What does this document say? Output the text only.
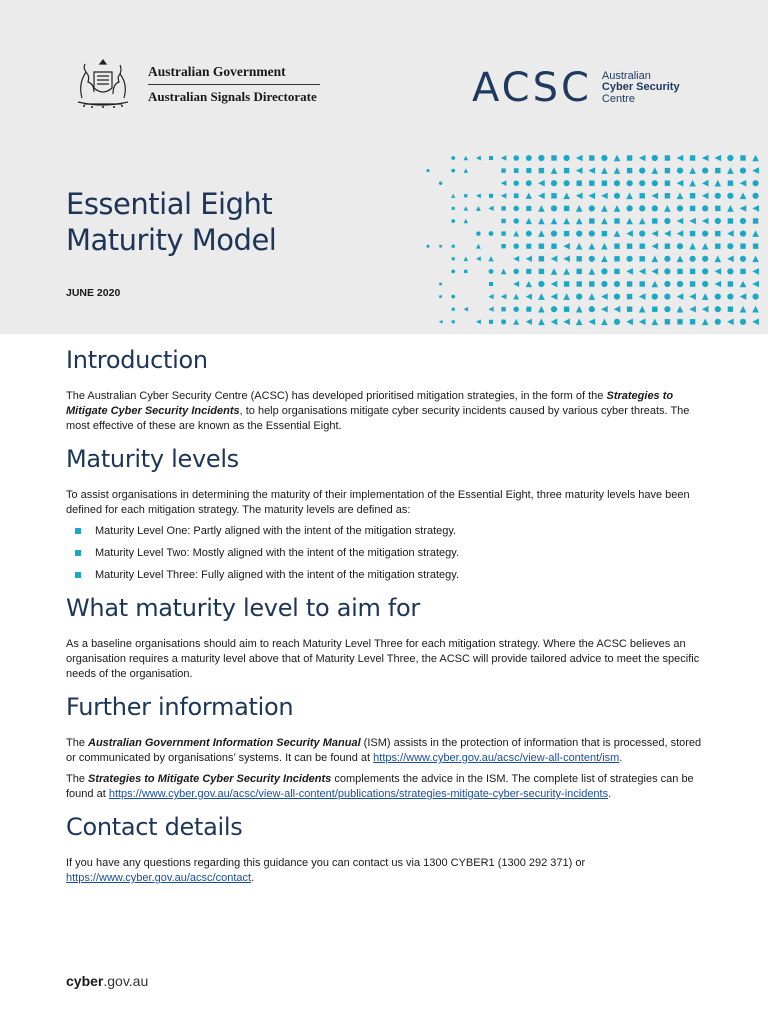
Australian Government
Australian Signals Directorate	ACSC Australian
Cyber Security
Centre
Essential Eight
Maturity Model
JUNE 2020
Introduction

The Australian Cyber Security Centre (ACSC) has developed prioritised mitigation strategies, in the form of the Strategies to Mitigate Cyber Security Incidents, to help organisations mitigate cyber security incidents caused by various cyber threats. The most effective of these are known as the Essential Eight.

Maturity levels

To assist organisations in determining the maturity of their implementation of the Essential Eight, three maturity levels have been defined for each mitigation strategy. The maturity levels are defined as:

Maturity Level One: Partly aligned with the intent of the mitigation strategy.
Maturity Level Two: Mostly aligned with the intent of the mitigation strategy.
Maturity Level Three: Fully aligned with the intent of the mitigation strategy.
What maturity level to aim for

As a baseline organisations should aim to reach Maturity Level Three for each mitigation strategy. Where the ACSC believes an organisation requires a maturity level above that of Maturity Level Three, the ACSC will provide tailored advice to meet the specific needs of the organisation.

Further information

The Australian Government Information Security Manual (ISM) assists in the protection of information that is processed, stored or communicated by organisations’ systems. It can be found at https://www.cyber.gov.au/acsc/view-all-content/ism.

The Strategies to Mitigate Cyber Security Incidents complements the advice in the ISM. The complete list of strategies can be found at https://www.cyber.gov.au/acsc/view-all-content/publications/strategies-mitigate-cyber-security-incidents.

Contact details

If you have any questions regarding this guidance you can contact us via 1300 CYBER1 (1300 292 371) or https://www.cyber.gov.au/acsc/contact.

cyber.gov.au
